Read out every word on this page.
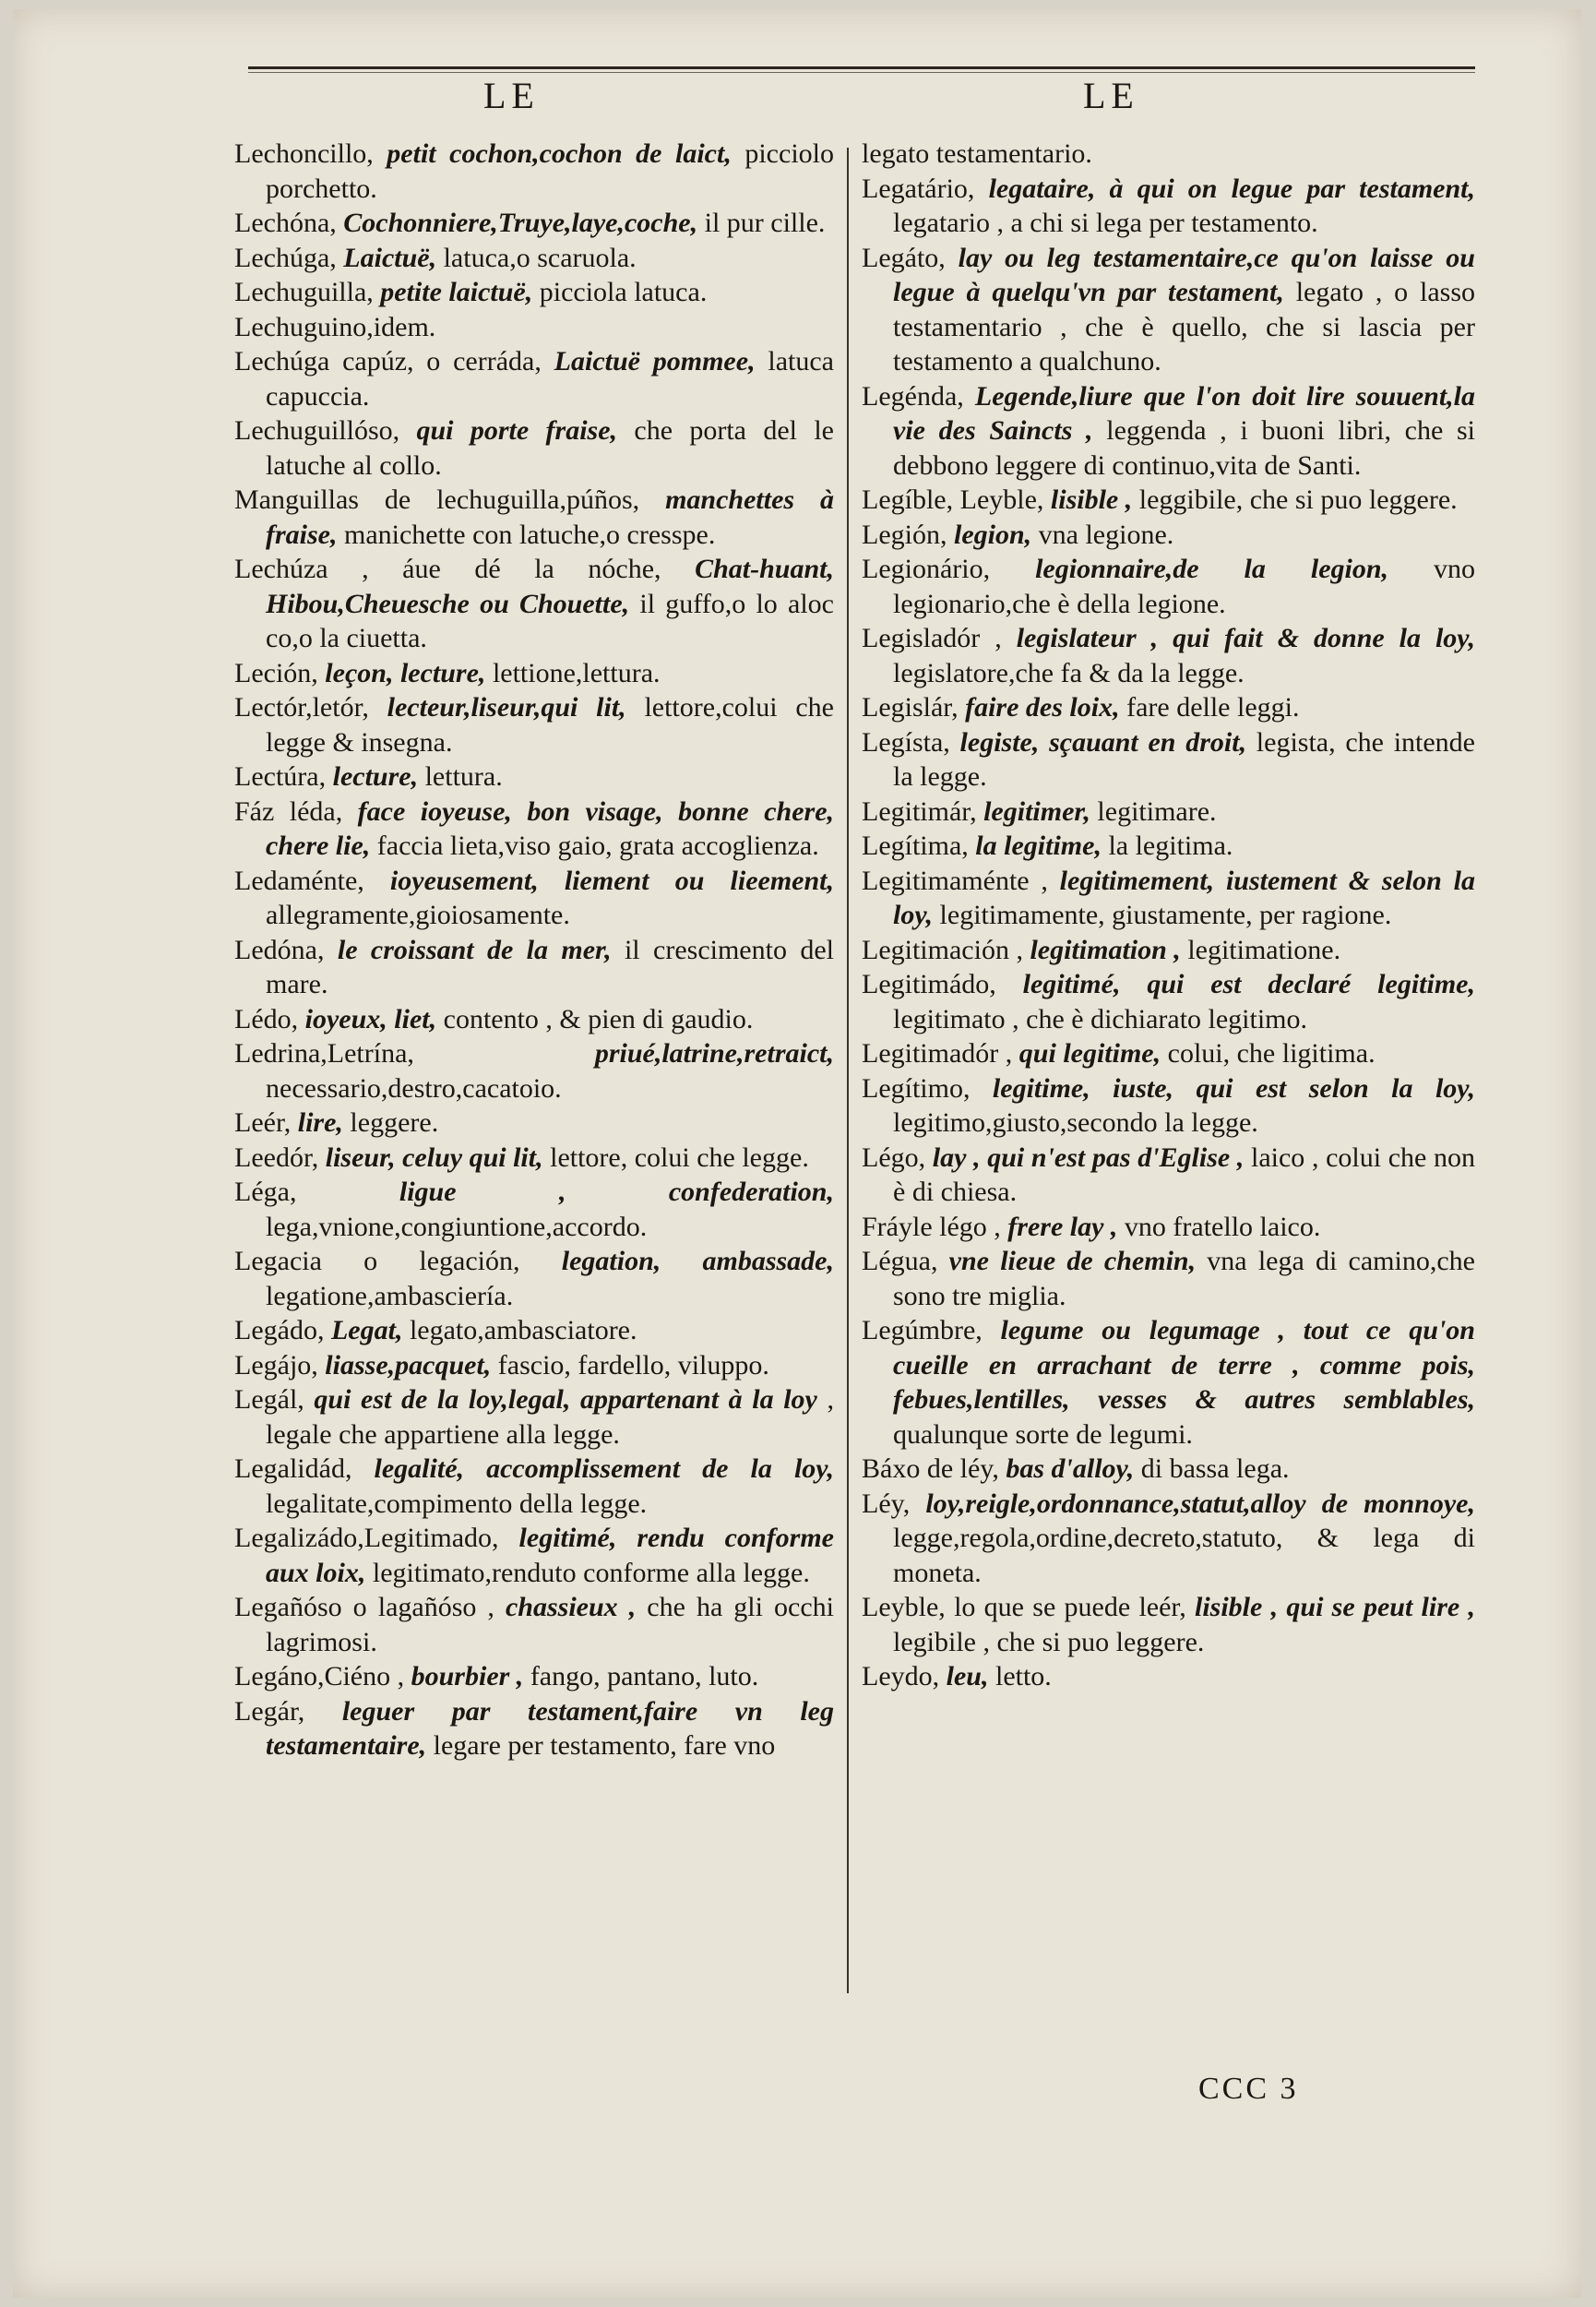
LE	LE
Lechoncillo, petit cochon,cochon de laict, picciolo porchetto.
Lechóna, Cochonniere,Truye,laye,coche, il pur cille.
Lechúga, Laictuë, latuca,o scaruola.
Lechuguilla, petite laictuë, picciola latuca.
Lechuguino,idem.
Lechúga capúz, o cerráda, Laictuë pommee, latuca capuccia.
Lechuguillóso, qui porte fraise, che porta del le latuche al collo.
Manguillas de lechuguilla,púños, manchettes à fraise, manichette con latuche,o cresspe.
Lechúza , áue dé la nóche, Chat-huant, Hibou,Cheuesche ou Chouette, il guffo,o lo aloc co,o la ciuetta.
Leción, leçon, lecture, lettione,lettura.
Lectór,letór, lecteur,liseur,qui lit, lettore,colui che legge & insegna.
Lectúra, lecture, lettura.
Fáz léda, face ioyeuse, bon visage, bonne chere, chere lie, faccia lieta,viso gaio, grata accoglienza.
Ledaménte, ioyeusement, liement ou lieement, allegramente,gioiosamente.
Ledóna, le croissant de la mer, il crescimento del mare.
Lédo, ioyeux, liet, contento , & pien di gaudio.
Ledrina,Letrína, priué,latrine,retraict, necessario,destro,cacatoio.
Leér, lire, leggere.
Leedór, liseur, celuy qui lit, lettore, colui che legge.
Léga, ligue , confederation, lega,vnione,congiuntione,accordo.
Legacia o legación, legation, ambassade, legatione,ambasciería.
Legádo, Legat, legato,ambasciatore.
Legájo, liasse,pacquet, fascio, fardello, viluppo.
Legál, qui est de la loy,legal, appartenant à la loy , legale che appartiene alla legge.
Legalidád, legalité, accomplissement de la loy, legalitate,compimento della legge.
Legalizádo,Legitimado, legitimé, rendu conforme aux loix, legitimato,renduto conforme alla legge.
Legañóso o lagañóso , chassieux , che ha gli occhi lagrimosi.
Legáno,Ciéno , bourbier , fango, pantano, luto.
Legár, leguer par testament,faire vn leg testamentaire, legare per testamento, fare vno
legato testamentario.
Legatário, legataire, à qui on legue par testament, legatario , a chi si lega per testamento.
Legáto, lay ou leg testamentaire,ce qu'on laisse ou legue à quelqu'vn par testament, legato , o lasso testamentario , che è quello, che si lascia per testamento a qualchuno.
Legénda, Legende,liure que l'on doit lire souuent,la vie des Saincts , leggenda , i buoni libri, che si debbono leggere di continuo,vita de Santi.
Legíble, Leyble, lisible , leggibile, che si puo leggere.
Legión, legion, vna legione.
Legionário, legionnaire,de la legion, vno legionario,che è della legione.
Legisladór , legislateur , qui fait & donne la loy, legislatore,che fa & da la legge.
Legislár, faire des loix, fare delle leggi.
Legísta, legiste, sçauant en droit, legista, che intende la legge.
Legitimár, legitimer, legitimare.
Legítima, la legitime, la legitima.
Legitimaménte , legitimement, iustement & selon la loy, legitimamente, giustamente, per ragione.
Legitimación , legitimation , legitimatione.
Legitimádo, legitimé, qui est declaré legitime, legitimato , che è dichiarato legitimo.
Legitimadór , qui legitime, colui, che ligitima.
Legítimo, legitime, iuste, qui est selon la loy, legitimo,giusto,secondo la legge.
Légo, lay , qui n'est pas d'Eglise , laico , colui che non è di chiesa.
Fráyle légo , frere lay , vno fratello laico.
Légua, vne lieue de chemin, vna lega di camino,che sono tre miglia.
Legúmbre, legume ou legumage , tout ce qu'on cueille en arrachant de terre , comme pois, febues,lentilles, vesses & autres semblables, qualunque sorte de legumi.
Báxo de léy, bas d'alloy, di bassa lega.
Léy, loy,reigle,ordonnance,statut,alloy de monnoye, legge,regola,ordine,decreto,statuto, & lega di moneta.
Leyble, lo que se puede leér, lisible , qui se peut lire , legibile , che si puo leggere.
Leydo, leu, letto.
CCC 3
